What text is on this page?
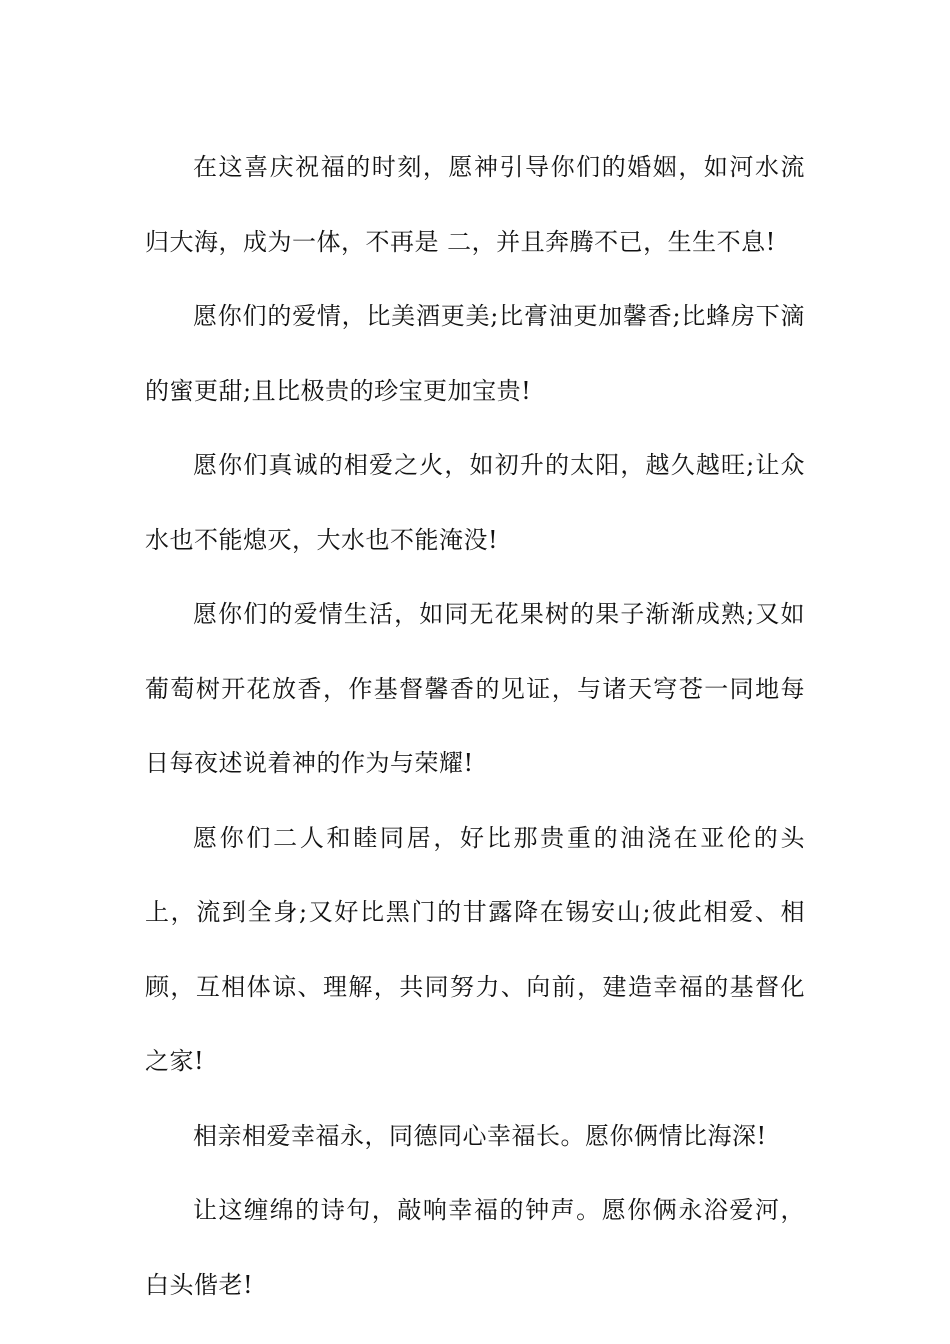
在这喜庆祝福的时刻，愿神引导你们的婚姻，如河水流归大海，成为一体，不再是 二，并且奔腾不已，生生不息!

愿你们的爱情，比美酒更美;比膏油更加馨香;比蜂房下滴的蜜更甜;且比极贵的珍宝更加宝贵!

愿你们真诚的相爱之火，如初升的太阳，越久越旺;让众水也不能熄灭，大水也不能淹没!

愿你们的爱情生活，如同无花果树的果子渐渐成熟;又如葡萄树开花放香，作基督馨香的见证，与诸天穹苍一同地每日每夜述说着神的作为与荣耀!

愿你们二人和睦同居，好比那贵重的油浇在亚伦的头上，流到全身;又好比黑门的甘露降在锡安山;彼此相爱、相顾，互相体谅、理解，共同努力、向前，建造幸福的基督化之家!

相亲相爱幸福永，同德同心幸福长。愿你俩情比海深!

让这缠绵的诗句，敲响幸福的钟声。愿你俩永浴爱河，白头偕老!
